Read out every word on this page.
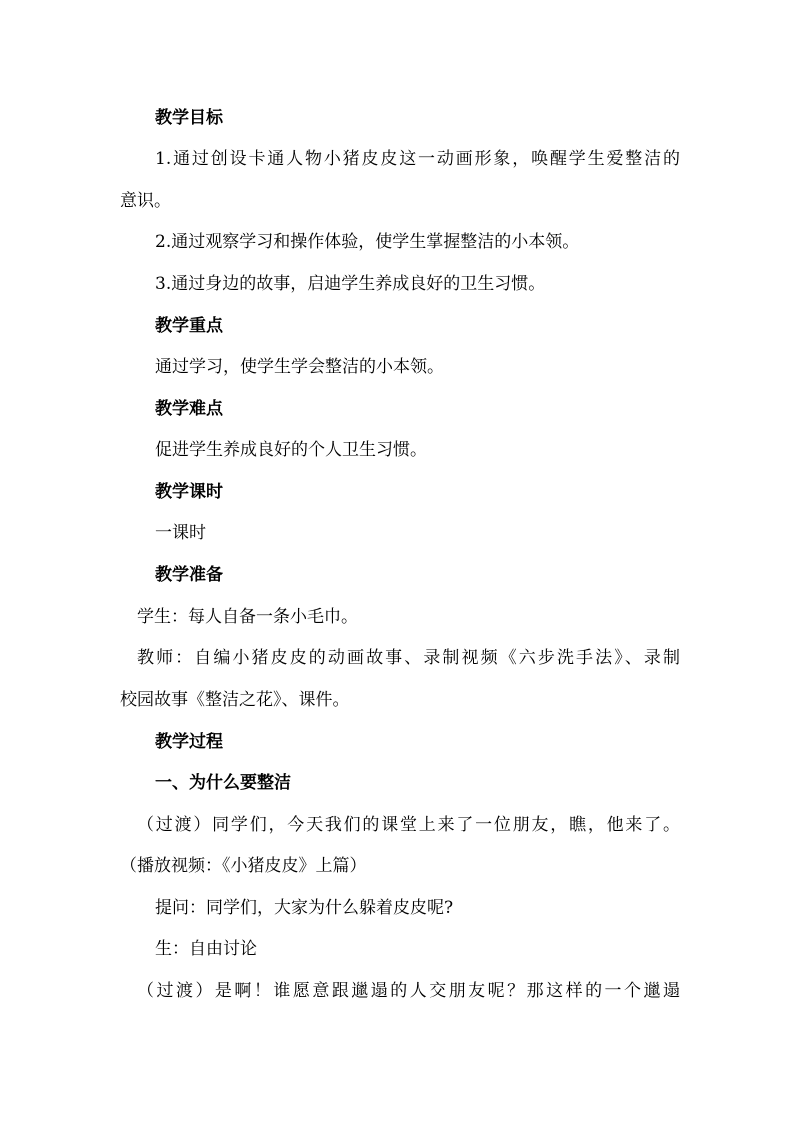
教学目标
1.通过创设卡通人物小猪皮皮这一动画形象，唤醒学生爱整洁的
意识。
2.通过观察学习和操作体验，使学生掌握整洁的小本领。
3.通过身边的故事，启迪学生养成良好的卫生习惯。
教学重点
通过学习，使学生学会整洁的小本领。
教学难点
促进学生养成良好的个人卫生习惯。
教学课时
一课时
教学准备
学生：每人自备一条小毛巾。
教师：自编小猪皮皮的动画故事、录制视频《六步洗手法》、录制
校园故事《整洁之花》、课件。
教学过程
一、为什么要整洁
（过渡）同学们，今天我们的课堂上来了一位朋友，瞧，他来了。
（播放视频：《小猪皮皮》上篇）
提问：同学们，大家为什么躲着皮皮呢?
生：自由讨论
（过渡）是啊！谁愿意跟邋遢的人交朋友呢？那这样的一个邋遢
